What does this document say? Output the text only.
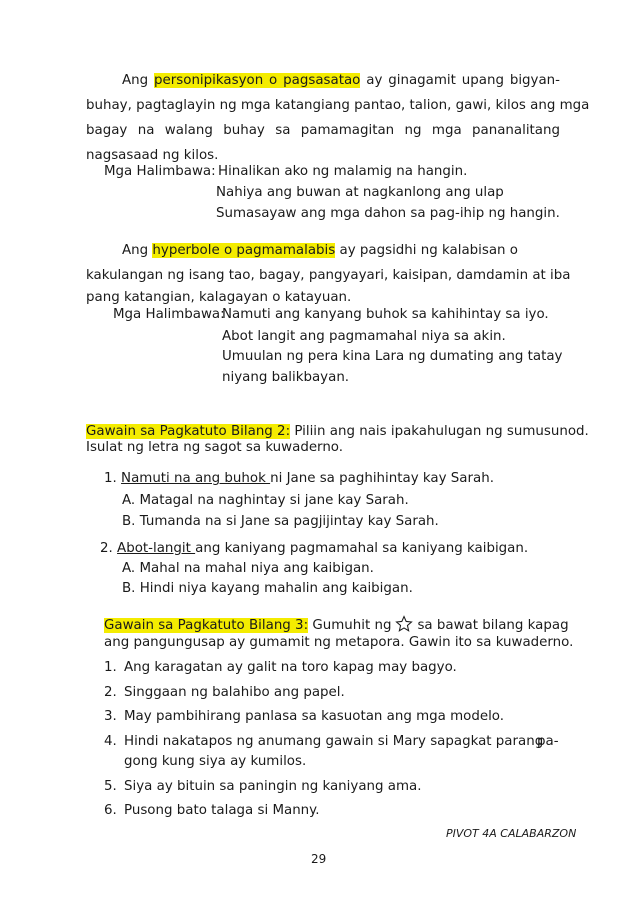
Ang personipikasyon o pagsasatao ay ginagamit upang bigyan-
buhay, pagtaglayin ng mga katangiang pantao, talion, gawi, kilos ang mga
bagay na walang buhay sa pamamagitan ng mga pananalitang
nagsasaad ng kilos.
Mga Halimbawa: Hinalikan ako ng malamig na hangin.
Nahiya ang buwan at nagkanlong ang ulap
Sumasayaw ang mga dahon sa pag-ihip ng hangin.
Ang hyperbole o pagmamalabis ay pagsidhi ng kalabisan o
kakulangan ng isang tao, bagay, pangyayari, kaisipan, damdamin at iba
pang katangian, kalagayan o katayuan.
Mga Halimbawa:
Namuti ang kanyang buhok sa kahihintay sa iyo.
Abot langit ang pagmamahal niya sa akin.
Umuulan ng pera kina Lara ng dumating ang tatay
niyang balikbayan.
Gawain sa Pagkatuto Bilang 2: Piliin ang nais ipakahulugan ng sumusunod.
Isulat ng letra ng sagot sa kuwaderno.
1. Namuti na ang buhok ni Jane sa paghihintay kay Sarah.
A. Matagal na naghintay si jane kay Sarah.
B. Tumanda na si Jane sa pagjijintay kay Sarah.
2. Abot-langit ang kaniyang pagmamahal sa kaniyang kaibigan.
A. Mahal na mahal niya ang kaibigan.
B. Hindi niya kayang mahalin ang kaibigan.
Gawain sa Pagkatuto Bilang 3: Gumuhit ng sa bawat bilang kapag
ang pangungusap ay gumamit ng metapora. Gawin ito sa kuwaderno.
1. Ang karagatan ay galit na toro kapag may bagyo.
2. Singgaan ng balahibo ang papel.
3. May pambihirang panlasa sa kasuotan ang mga modelo.
4. Hindi nakatapos ng anumang gawain si Mary sapagkat parang
pa-
gong kung siya ay kumilos.
5. Siya ay bituin sa paningin ng kaniyang ama.
6. Pusong bato talaga si Manny.
PIVOT 4A CALABARZON
29
